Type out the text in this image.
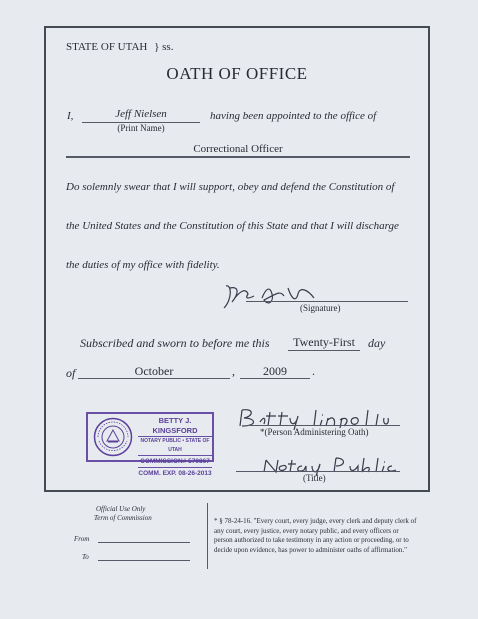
STATE OF UTAH } ss.
OATH OF OFFICE
I,	Jeff Nielsen
(Print Name)
having been appointed to the office of
Correctional Officer
Do solemnly swear that I will support, obey and defend the Constitution of
the United States and the Constitution of this State and that I will discharge
the duties of my office with fidelity.
(Signature)
Subscribed and sworn to before me this	Twenty-First	day
of	October	,	2009	.
BETTY J. KINGSFORD
NOTARY PUBLIC • STATE OF UTAH
COMMISSION# 579867
COMM. EXP. 08-26-2013
*(Person Administering Oath)
(Title)
Official Use Only
Term of Commission
From
To
* § 78-24-16. "Every court, every judge, every clerk and deputy clerk of any court, every justice, every notary public, and every officers or person authorized to take testimony in any action or proceeding, or to decide upon evidence, has power to administer oaths of affirmation."
